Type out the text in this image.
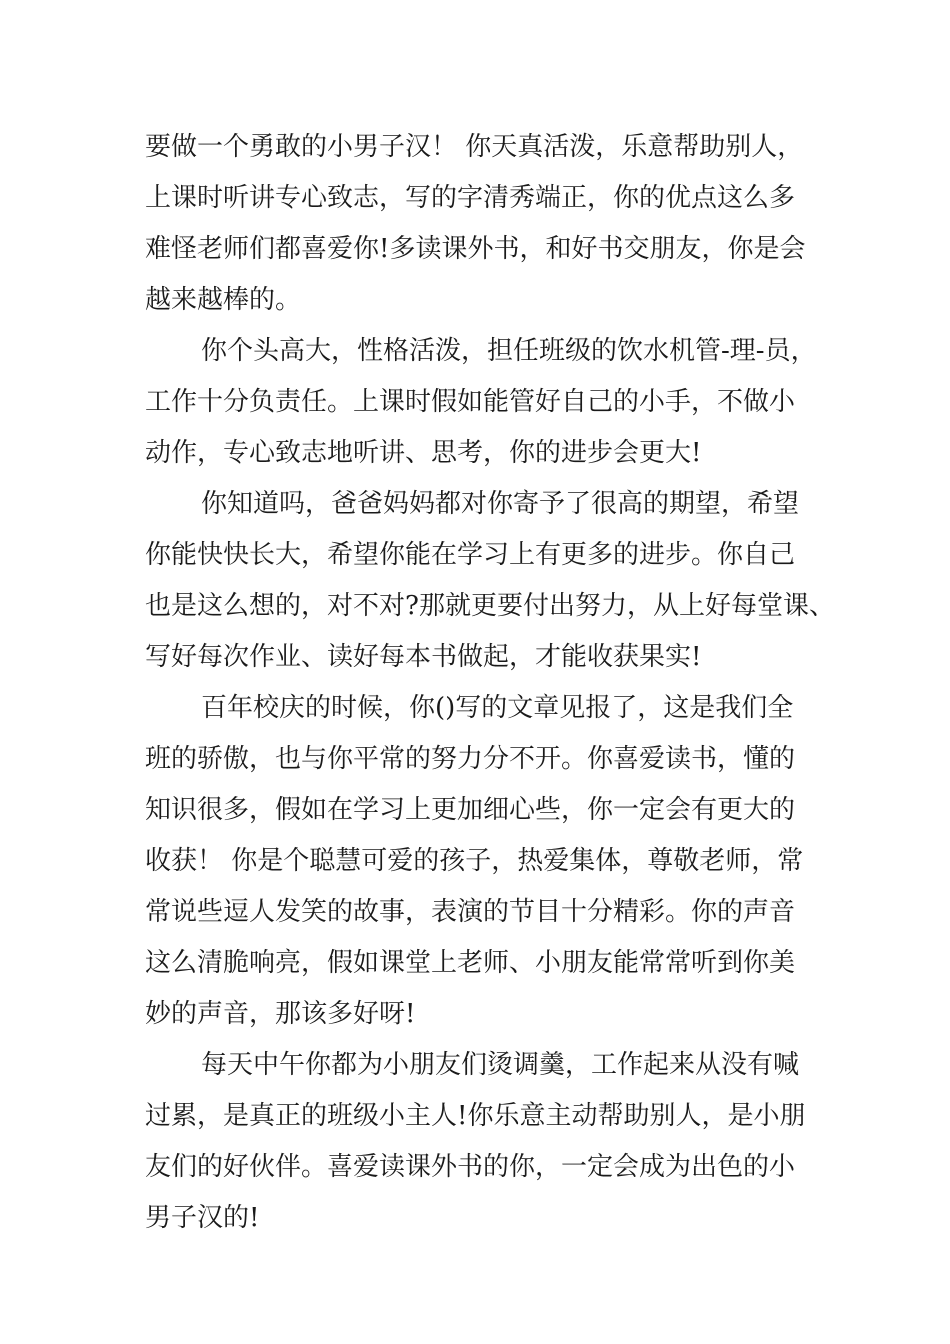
要做一个勇敢的小男子汉！ 你天真活泼，乐意帮助别人，
上课时听讲专心致志，写的字清秀端正，你的优点这么多
难怪老师们都喜爱你!多读课外书，和好书交朋友，你是会
越来越棒的。
你个头高大，性格活泼，担任班级的饮水机管-理-员，
工作十分负责任。上课时假如能管好自己的小手，不做小
动作，专心致志地听讲、思考，你的进步会更大!
你知道吗，爸爸妈妈都对你寄予了很高的期望，希望
你能快快长大，希望你能在学习上有更多的进步。你自己
也是这么想的，对不对?那就更要付出努力，从上好每堂课、
写好每次作业、读好每本书做起，才能收获果实!
百年校庆的时候，你()写的文章见报了，这是我们全
班的骄傲，也与你平常的努力分不开。你喜爱读书，懂的
知识很多，假如在学习上更加细心些，你一定会有更大的
收获！ 你是个聪慧可爱的孩子，热爱集体，尊敬老师，常
常说些逗人发笑的故事，表演的节目十分精彩。你的声音
这么清脆响亮，假如课堂上老师、小朋友能常常听到你美
妙的声音，那该多好呀!
每天中午你都为小朋友们烫调羹，工作起来从没有喊
过累，是真正的班级小主人!你乐意主动帮助别人，是小朋
友们的好伙伴。喜爱读课外书的你，一定会成为出色的小
男子汉的!
